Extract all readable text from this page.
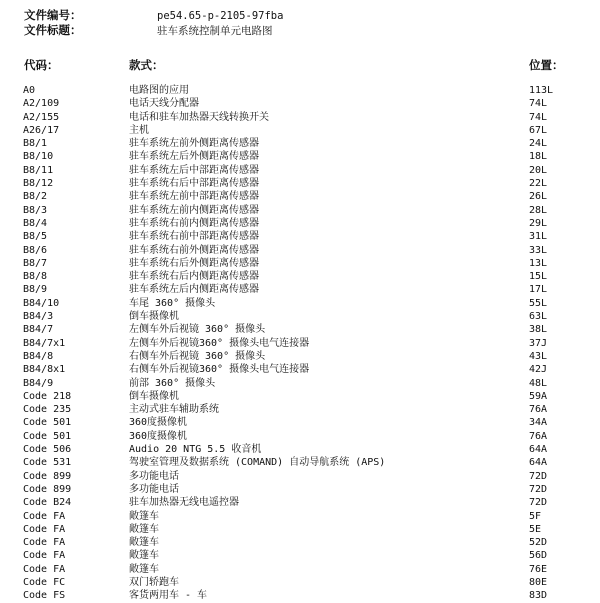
文件编号：	pe54.65-p-2105-97fba
文件标题：	驻车系统控制单元电路图
代码：	款式：	位置：
A0	电路图的应用	113L
A2/109	电话天线分配器	74L
A2/155	电话和驻车加热器天线转换开关	74L
A26/17	主机	67L
B8/1	驻车系统左前外侧距离传感器	24L
B8/10	驻车系统左后外侧距离传感器	18L
B8/11	驻车系统左后中部距离传感器	20L
B8/12	驻车系统右后中部距离传感器	22L
B8/2	驻车系统左前中部距离传感器	26L
B8/3	驻车系统左前内侧距离传感器	28L
B8/4	驻车系统右前内侧距离传感器	29L
B8/5	驻车系统右前中部距离传感器	31L
B8/6	驻车系统右前外侧距离传感器	33L
B8/7	驻车系统右后外侧距离传感器	13L
B8/8	驻车系统右后内侧距离传感器	15L
B8/9	驻车系统左后内侧距离传感器	17L
B84/10	车尾 360° 摄像头	55L
B84/3	倒车摄像机	63L
B84/7	左侧车外后视镜 360° 摄像头	38L
B84/7x1	左侧车外后视镜360° 摄像头电气连接器	37J
B84/8	右侧车外后视镜 360° 摄像头	43L
B84/8x1	右侧车外后视镜360° 摄像头电气连接器	42J
B84/9	前部 360° 摄像头	48L
Code 218	倒车摄像机	59A
Code 235	主动式驻车辅助系统	76A
Code 501	360度摄像机	34A
Code 501	360度摄像机	76A
Code 506	Audio 20 NTG 5.5 收音机	64A
Code 531	驾驶室管理及数据系统 (COMAND) 自动导航系统 (APS)	64A
Code 899	多功能电话	72D
Code 899	多功能电话	72D
Code B24	驻车加热器无线电遥控器	72D
Code FA	敞篷车	5F
Code FA	敞篷车	5E
Code FA	敞篷车	52D
Code FA	敞篷车	56D
Code FA	敞篷车	76E
Code FC	双门轿跑车	80E
Code FS	客货两用车 - 车	83D
